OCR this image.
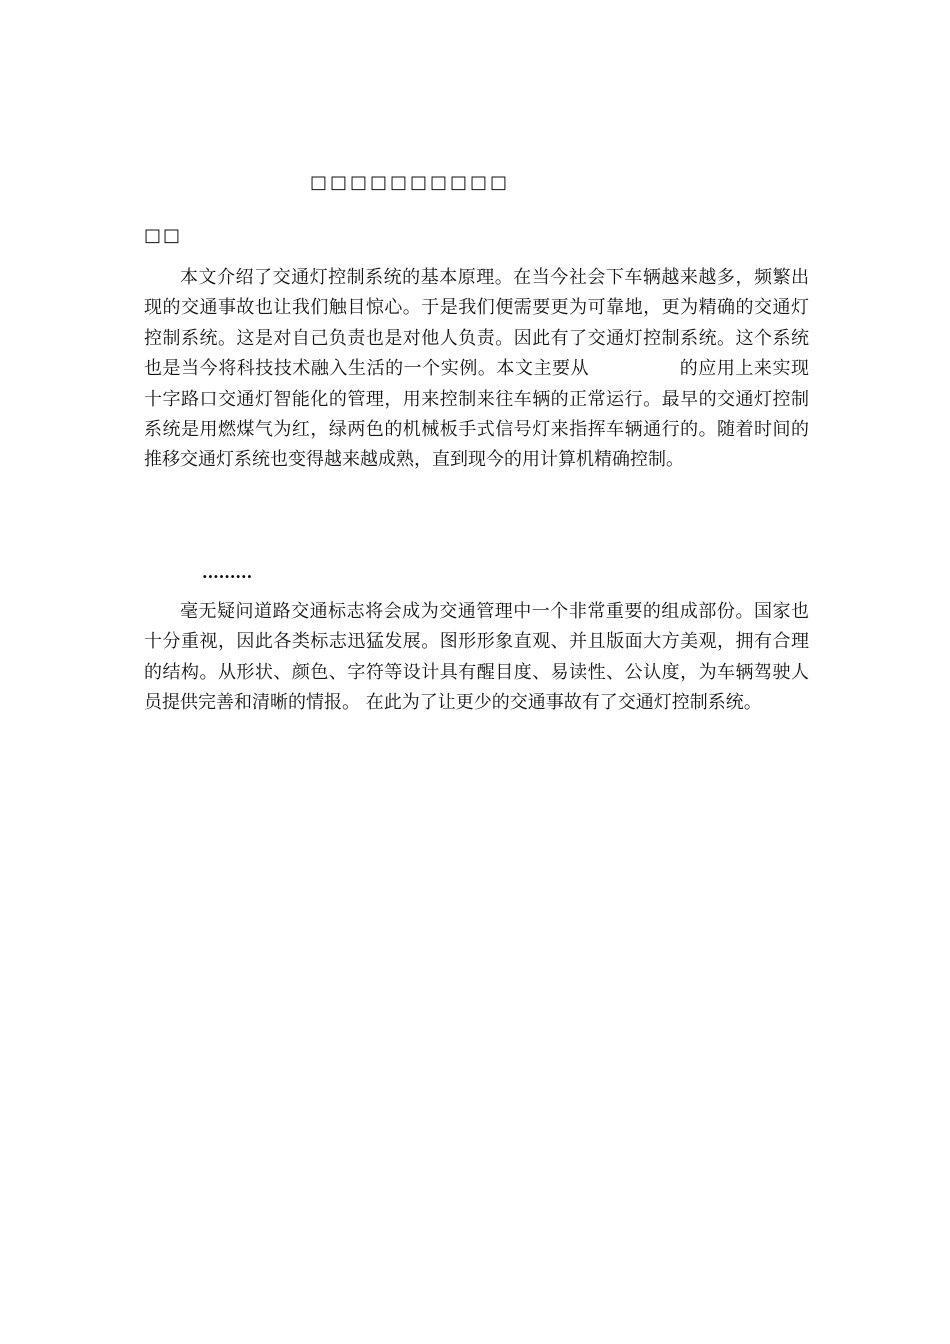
□□□□□□□□□□
□□

本文介绍了交通灯控制系统的基本原理。在当今社会下车辆越来越多，频繁出现的交通事故也让我们触目惊心。于是我们便需要更为可靠地，更为精确的交通灯控制系统。这是对自己负责也是对他人负责。因此有了交通灯控制系统。这个系统也是当今将科技技术融入生活的一个实例。本文主要从	的应用上来实现十字路口交通灯智能化的管理，用来控制来往车辆的正常运行。最早的交通灯控制系统是用燃煤气为红，绿两色的机械板手式信号灯来指挥车辆通行的。随着时间的推移交通灯系统也变得越来越成熟，直到现今的用计算机精确控制。

.........

毫无疑问道路交通标志将会成为交通管理中一个非常重要的组成部份。国家也十分重视，因此各类标志迅猛发展。图形形象直观、并且版面大方美观，拥有合理的结构。从形状、颜色、字符等设计具有醒目度、易读性、公认度，为车辆驾驶人员提供完善和清晰的情报。 在此为了让更少的交通事故有了交通灯控制系统。
